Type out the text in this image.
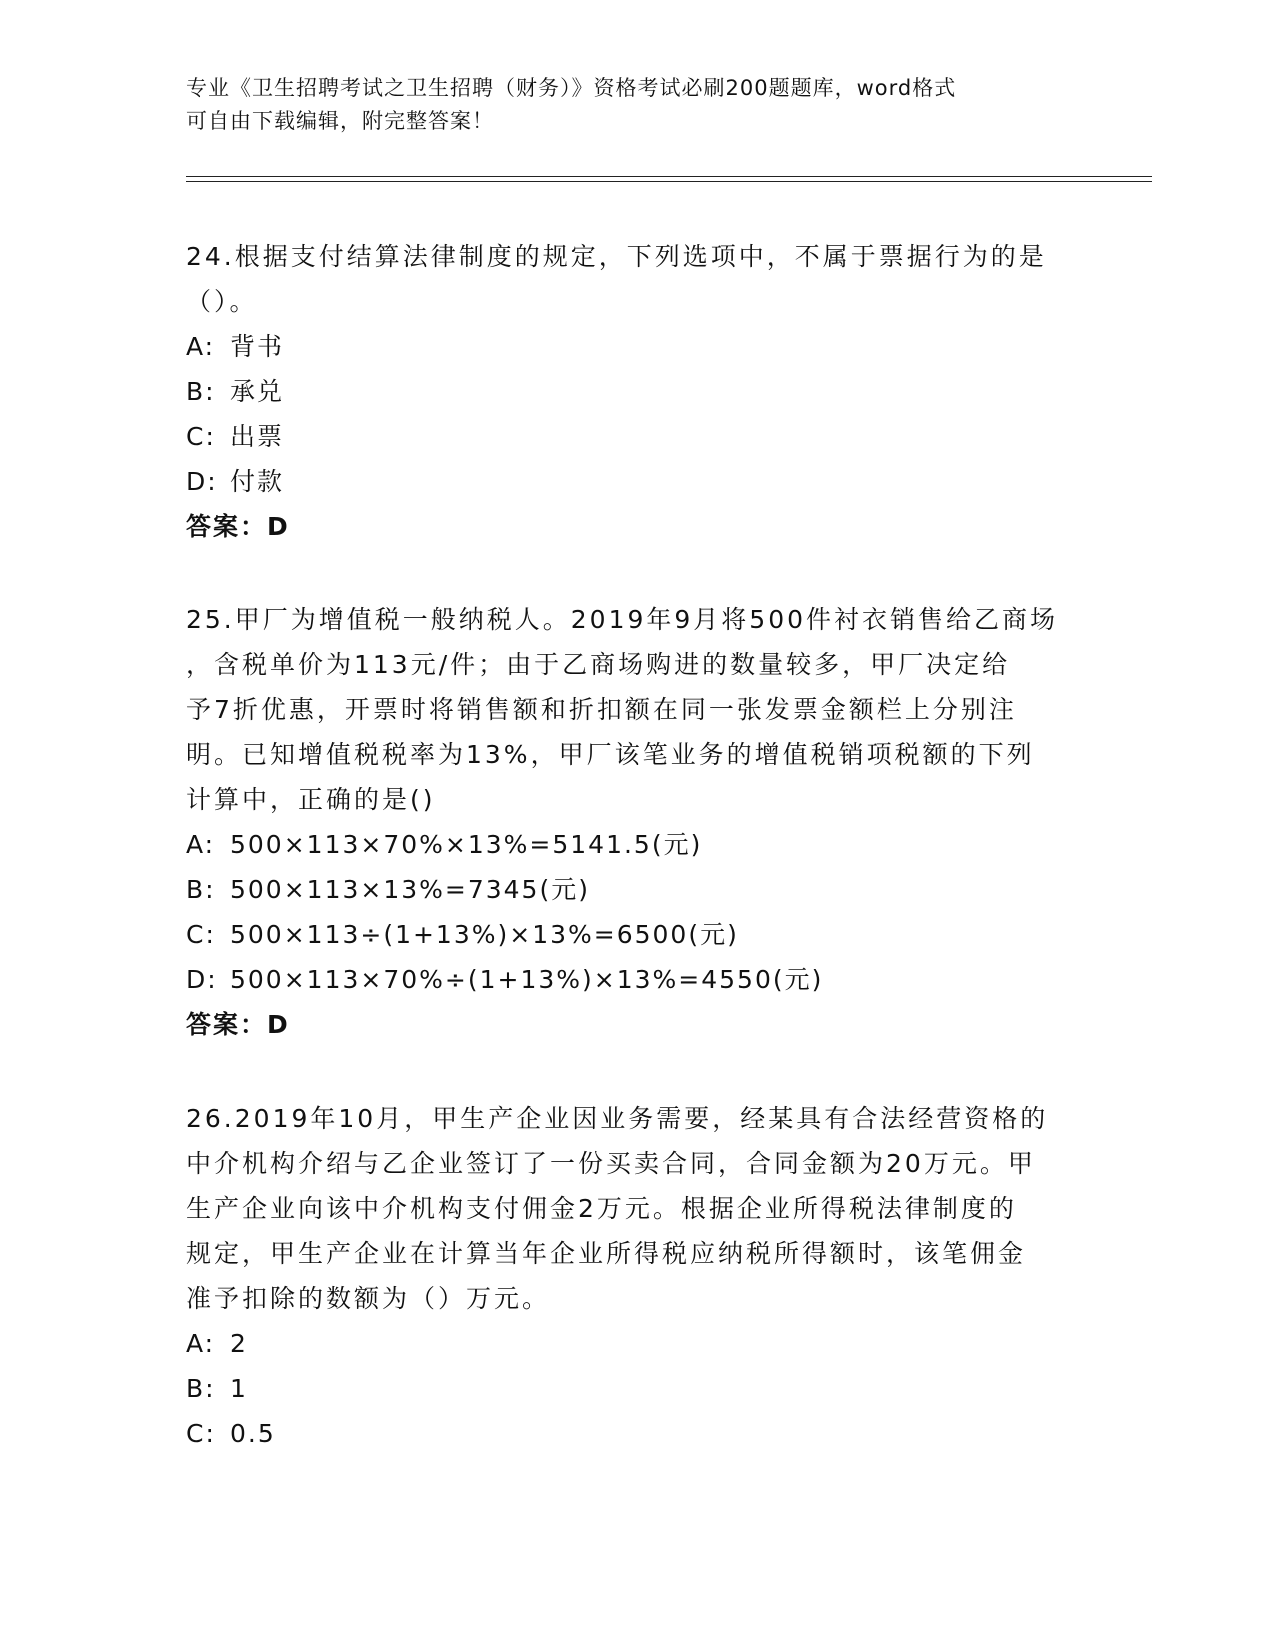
专业《卫生招聘考试之卫生招聘（财务）》资格考试必刷200题题库，word格式
可自由下载编辑，附完整答案！

24.根据支付结算法律制度的规定，下列选项中，不属于票据行为的是

（）。

A: 背书

B: 承兑

C: 出票

D: 付款

答案：D

25.甲厂为增值税一般纳税人。2019年9月将500件衬衣销售给乙商场

，含税单价为113元/件；由于乙商场购进的数量较多，甲厂决定给

予7折优惠，开票时将销售额和折扣额在同一张发票金额栏上分别注

明。已知增值税税率为13%，甲厂该笔业务的增值税销项税额的下列

计算中，正确的是()

A: 500×113×70%×13%=5141.5(元)

B: 500×113×13%=7345(元)

C: 500×113÷(1+13%)×13%=6500(元)

D: 500×113×70%÷(1+13%)×13%=4550(元)

答案：D

26.2019年10月，甲生产企业因业务需要，经某具有合法经营资格的

中介机构介绍与乙企业签订了一份买卖合同，合同金额为20万元。甲

生产企业向该中介机构支付佣金2万元。根据企业所得税法律制度的

规定，甲生产企业在计算当年企业所得税应纳税所得额时，该笔佣金

准予扣除的数额为（）万元。

A: 2

B: 1

C: 0.5
